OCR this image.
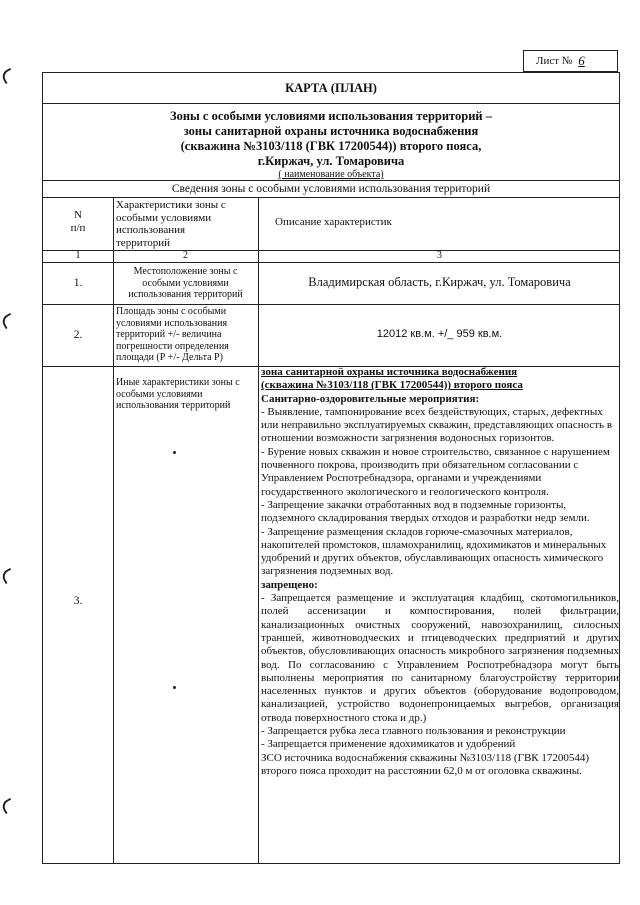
Лист № 6
КАРТА (ПЛАН)
Зоны с особыми условиями использования территорий –
зоны санитарной охраны источника водоснабжения
(скважина №3103/118 (ГВК 17200544)) второго пояса,
г.Киржач, ул. Томаровича
( наименование объекта)
Сведения зоны с особыми условиями использования территорий
N
п/п
Характеристики зоны с
особыми условиями
использования
территорий
Описание характеристик
1	2	3
1.
Местоположение зоны с
особыми условиями
использования территорий
Владимирская область, г.Киржач, ул. Томаровича
2.
Площадь зоны с особыми
условиями использования
территорий +/- величина
погрешности определения
площади (Р +/- Дельта Р)
12012 кв.м. +/_ 959 кв.м.
3.
Иные характеристики зоны с
особыми условиями
использования территорий

зона санитарной охраны источника водоснабжения

(скважина №3103/118 (ГВК 17200544)) второго пояса

Санитарно-оздоровительные мероприятия:

- Выявление, тампонирование всех бездействующих, старых, дефектных или неправильно эксплуатируемых скважин, представляющих опасность в отношении возможности загрязнения водоносных горизонтов.

- Бурение новых скважин и новое строительство, связанное с нарушением почвенного покрова, производить при обязательном согласовании с Управлением Роспотребнадзора, органами и учреждениями государственного экологического и геологического контроля.

- Запрещение закачки отработанных вод в подземные горизонты, подземного складирования твердых отходов и разработки недр земли.

- Запрещение размещения складов горюче-смазочных материалов, накопителей промстоков, шламохранилищ, ядохимикатов и минеральных удобрений и других объектов, обуславливающих опасность химического загрязнения подземных вод.

запрещено:

- Запрещается размещение и эксплуатация кладбищ, скотомогильников, полей ассенизации и компостирования, полей фильтрации, канализационных очистных сооружений, навозохранилищ, силосных траншей, животноводческих и птицеводческих предприятий и других объектов, обусловливающих опасность микробного загрязнения подземных вод. По согласованию с Управлением Роспотребнадзора могут быть выполнены мероприятия по санитарному благоустройству территории населенных пунктов и других объектов (оборудование водопроводом, канализацией, устройство водонепроницаемых выгребов, организация отвода поверхностного стока и др.)

- Запрещается рубка леса главного пользования и реконструкции

- Запрещается применение ядохимикатов и удобрений

ЗСО источника водоснабжения скважины №3103/118 (ГВК 17200544) второго пояса проходит на расстоянии 62,0 м от оголовка скважины.
